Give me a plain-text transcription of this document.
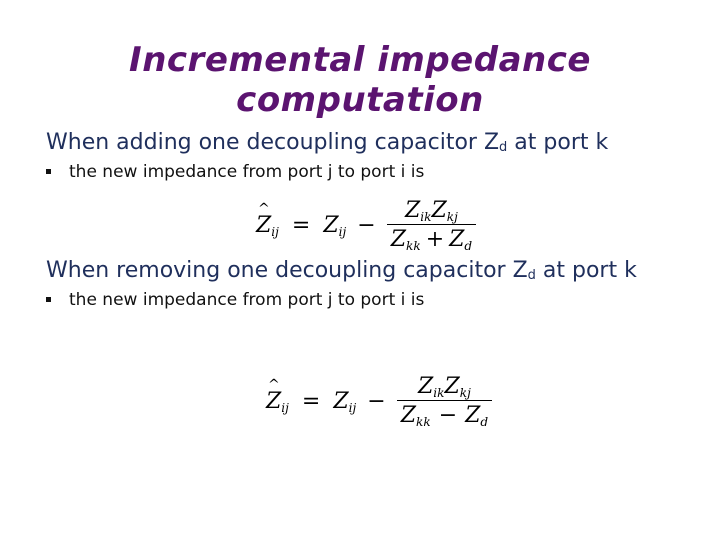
Incremental impedance computation
When adding one decoupling capacitor Zd at port k
the new impedance from port j to port i is
^
Zij = Zij − $\frac{\text{ZikZkj}}{\text{Zkk + Zd}}$
When removing one decoupling capacitor Zd at port k
the new impedance from port j to port i is
^
Zij = Zij − $\frac{\text{ZikZkj}}{\text{Zkk − Zd}}$
